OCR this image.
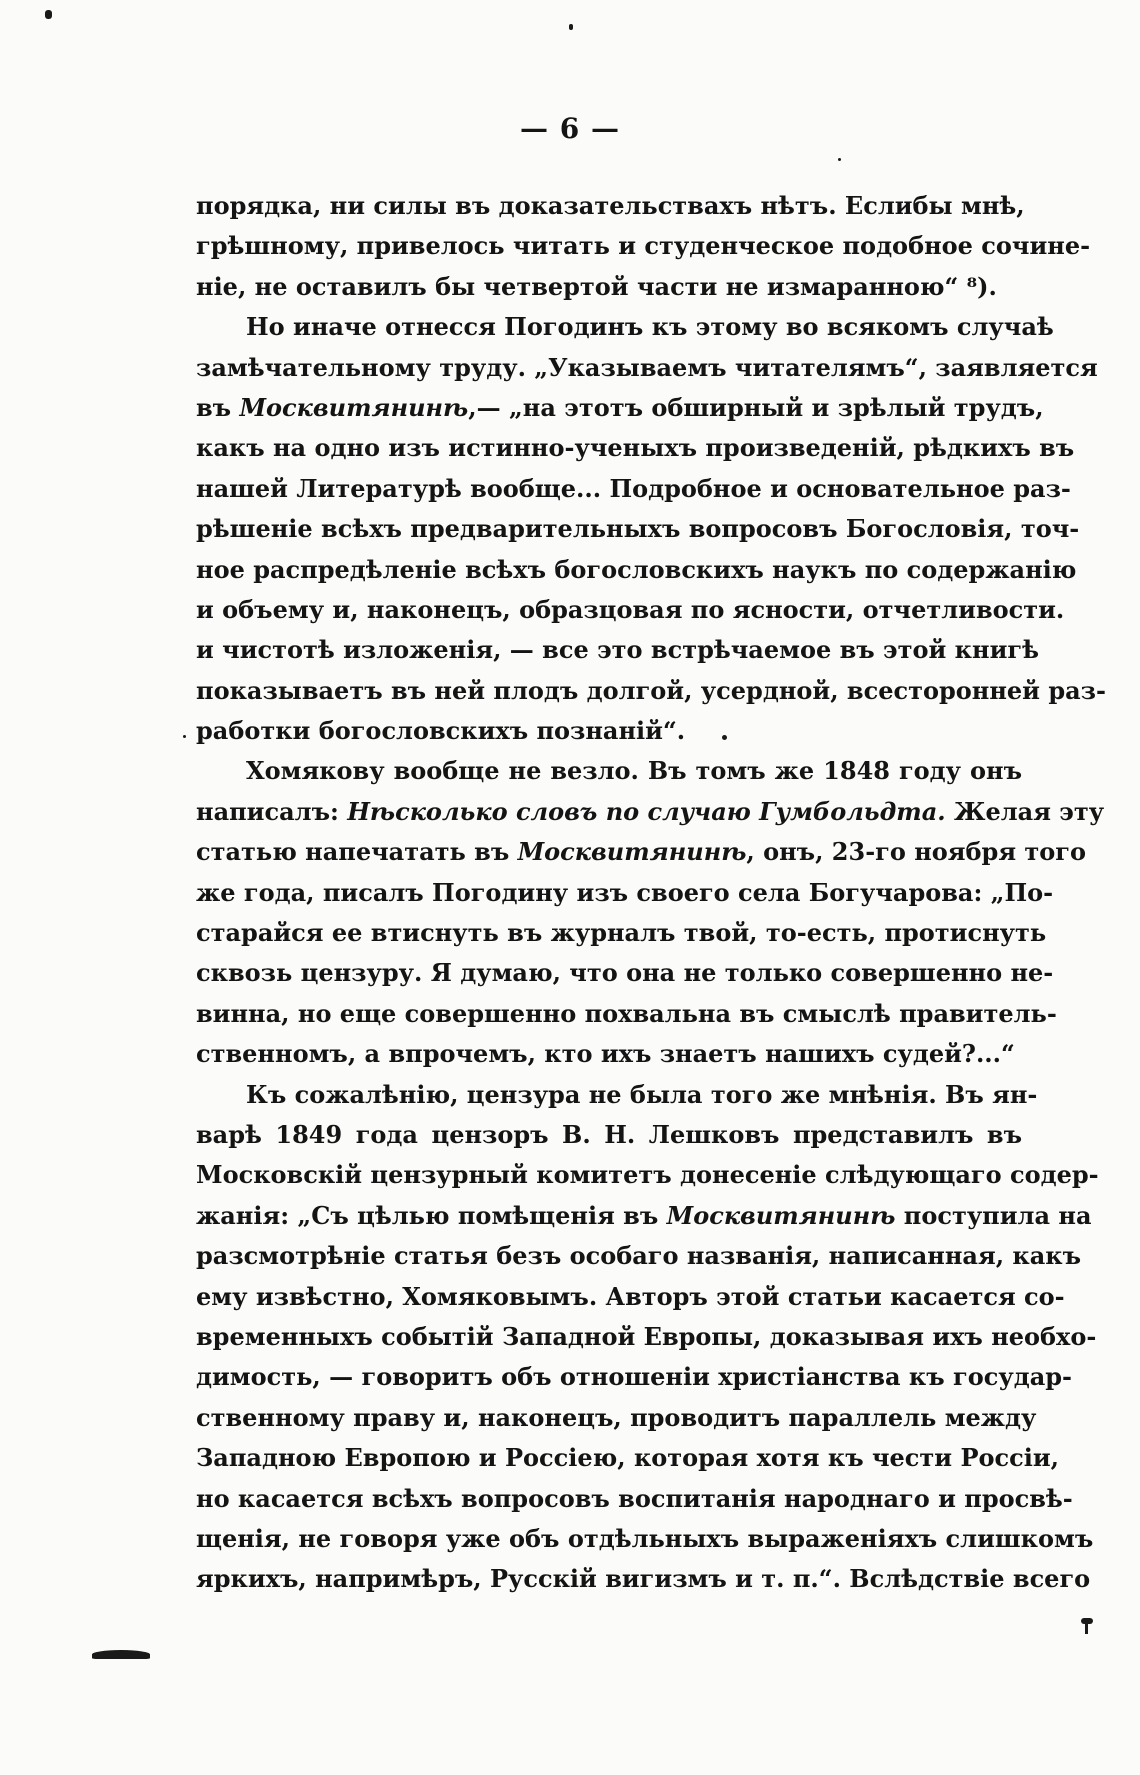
— 6 —
порядка, ни силы въ доказательствахъ нѣтъ. Еслибы мнѣ,
грѣшному, привелось читать и студенческое подобное сочине-
ніе, не оставилъ бы четвертой части не измаранною“ ⁸).
Но иначе отнесся Погодинъ къ этому во всякомъ случаѣ
замѣчательному труду. „Указываемъ читателямъ“, заявляется
въ Москвитянинѣ,— „на этотъ обширный и зрѣлый трудъ,
какъ на одно изъ истинно-ученыхъ произведеній, рѣдкихъ въ
нашей Литературѣ вообще... Подробное и основательное раз-
рѣшеніе всѣхъ предварительныхъ вопросовъ Богословія, точ-
ное распредѣленіе всѣхъ богословскихъ наукъ по содержанію
и объему и, наконецъ, образцовая по ясности, отчетливости.
и чистотѣ изложенія, — все это встрѣчаемое въ этой книгѣ
показываетъ въ ней плодъ долгой, усердной, всесторонней раз-
работки богословскихъ познаній“.
Хомякову вообще не везло. Въ томъ же 1848 году онъ
написалъ: Нѣсколько словъ по случаю Гумбольдта. Желая эту
статью напечатать въ Москвитянинѣ, онъ, 23-го ноября того
же года, писалъ Погодину изъ своего села Богучарова: „По-
старайся ее втиснуть въ журналъ твой, то-есть, протиснуть
сквозь цензуру. Я думаю, что она не только совершенно не-
винна, но еще совершенно похвальна въ смыслѣ правитель-
ственномъ, а впрочемъ, кто ихъ знаетъ нашихъ судей?...“
Къ сожалѣнію, цензура не была того же мнѣнія. Въ ян-
варѣ 1849 года цензоръ В. Н. Лешковъ представилъ въ
Московскій цензурный комитетъ донесеніе слѣдующаго содер-
жанія: „Съ цѣлью помѣщенія въ Москвитянинѣ поступила на
разсмотрѣніе статья безъ особаго названія, написанная, какъ
ему извѣстно, Хомяковымъ. Авторъ этой статьи касается со-
временныхъ событій Западной Европы, доказывая ихъ необхо-
димость, — говоритъ объ отношеніи христіанства къ государ-
ственному праву и, наконецъ, проводитъ параллель между
Западною Европою и Россіею, которая хотя къ чести Россіи,
но касается всѣхъ вопросовъ воспитанія народнаго и просвѣ-
щенія, не говоря уже объ отдѣльныхъ выраженіяхъ слишкомъ
яркихъ, напримѣръ, Русскій вигизмъ и т. п.“. Вслѣдствіе всего
